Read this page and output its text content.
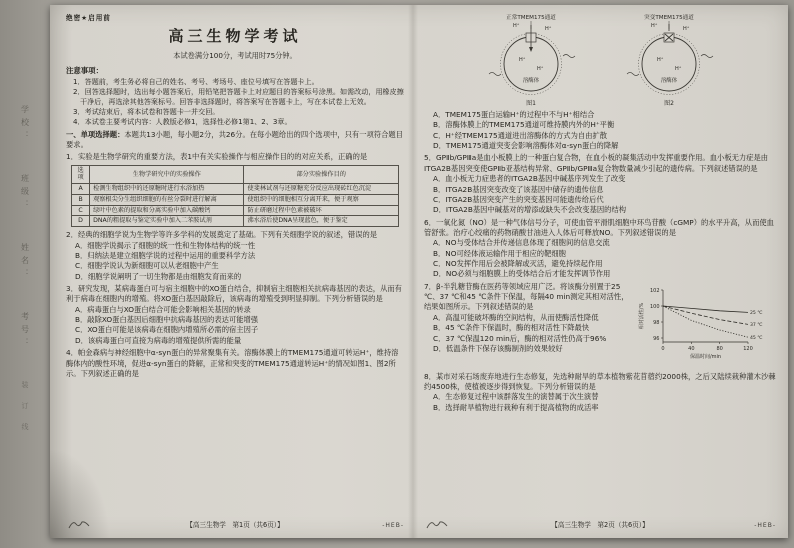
学校：
班级：
姓名：
考号：
装订线
绝密★启用前
高三生物学考试
本试卷满分100分，考试用时75分钟。
注意事项：

1．答题前，考生务必将自己的姓名、考号、考场号、座位号填写在答题卡上。

2．回答选择题时，选出每小题答案后，用铅笔把答题卡上对应题目的答案标号涂黑。如需改动，用橡皮擦干净后，再选涂其他答案标号。回答非选择题时，将答案写在答题卡上，写在本试卷上无效。

3．考试结束后，将本试卷和答题卡一并交回。

4．本试卷主要考试内容：人教版必修1，选择性必修1第1、2、3章。

一、单项选择题：本题共13小题，每小题2分，共26分。在每小题给出的四个选项中，只有一项符合题目要求。
1．实验是生物学研究的重要方法，表1中有关实验操作与相应操作目的的对应关系，正确的是
选项	生物学研究中的实验操作	部分实验操作目的
A	检测生物组织中的还原糖时进行水浴加热	使斐林试剂与还原糖充分反应出现砖红色沉淀
B	观察根尖分生组织细胞的有丝分裂时进行解离	使组织中的细胞相互分离开来，便于观察
C	绿叶中色素的提取和分离实验中加入碳酸钙	防止研磨过程中色素被破坏
D	DNA的粗提取与鉴定实验中加入二苯胺试剂	沸水浴后使DNA呈现蓝色，便于鉴定
2．经典的细胞学说为生物学等许多学科的发展奠定了基础。下列有关细胞学说的叙述，错误的是
A．细胞学说揭示了细胞的统一性和生物体结构的统一性
B．归纳法是建立细胞学说的过程中运用的重要科学方法
C．细胞学说认为新细胞可以从老细胞中产生
D．细胞学说阐明了一切生物都是由细胞发育而来的
3．研究发现，某病毒蛋白可与宿主细胞中的XO蛋白结合，抑制宿主细胞相关抗病毒基因的表达，从而有利于病毒在细胞内的增殖。将XO蛋白基因敲除后，该病毒的增殖受到明显抑制。下列分析错误的是
A．病毒蛋白与XO蛋白结合可能会影响相关基因的转录
B．敲除XO蛋白基因后细胞中抗病毒基因的表达可能增强
C．XO蛋白可能是该病毒在细胞内增殖所必需的宿主因子
D．该病毒蛋白可直接为病毒的增殖提供所需的能量
4．帕金森病与神经细胞中α-syn蛋白的异常聚集有关。溶酶体膜上的TMEM175通道可转运H⁺，维持溶酶体内的酸性环境，促进α-syn蛋白的降解，正常和突变的TMEM175通道转运H⁺的情况如图1、图2所示。下列叙述正确的是
【高三生物学　第1页（共6页）】	-HEB-
正常TMEM175通道
H⁺	H⁺
H⁺
H⁺
溶酶体
图1
突变TMEM175通道
H⁺	H⁺
H⁺
H⁺
溶酶体
图2
A．TMEM175蛋白运输H⁺的过程中不与H⁺相结合
B．溶酶体膜上的TMEM175通道可维持膜内外的H⁺平衡
C．H⁺经TMEM175通道进出溶酶体的方式为自由扩散
D．TMEM175通道突变会影响溶酶体对α-syn蛋白的降解
5．GPⅡb/GPⅢa是血小板膜上的一种蛋白复合物，在血小板的凝集活动中发挥重要作用。血小板无力症是由ITGA2B基因突变使GPⅡb亚基结构异常、GPⅡb/GPⅢa复合物数量减少引起的遗传病。下列叙述错误的是
A．血小板无力症患者的ITGA2B基因中碱基序列发生了改变
B．ITGA2B基因突变改变了该基因中储存的遗传信息
C．ITGA2B基因突变产生的突变基因可能遗传给后代
D．ITGA2B基因中碱基对的增添或缺失不会改变基因的结构
6．一氧化氮（NO）是一种气体信号分子，可使血管平滑肌细胞中环鸟苷酸（cGMP）的水平升高，从而使血管舒张。治疗心绞痛的药物硝酸甘油进入人体后可释放NO。下列叙述错误的是
A．NO与受体结合并传递信息体现了细胞间的信息交流
B．NO可经体液运输作用于相应的靶细胞
C．NO发挥作用后会被降解或灭活，避免持续起作用
D．NO必须与细胞膜上的受体结合后才能发挥调节作用
96
98
100
102
0	40	80	120
保温时间/min
相对活性/%	25 ℃
37 ℃
45 ℃
7．β-半乳糖苷酶在医药等领域应用广泛。将该酶分别置于25 ℃、37 ℃和45 ℃条件下保温，每隔40 min测定其相对活性，结果如图所示。下列叙述错误的是
A．高温可能破坏酶的空间结构，从而使酶活性降低
B．45 ℃条件下保温时，酶的相对活性下降最快
C．37 ℃保温120 min后，酶的相对活性仍高于96%
D．低温条件下保存该酶制剂的效果较好
8．某市对采石场废弃地进行生态修复，先选种耐旱的草本植物紫花苜蓿约2000株，之后又陆续栽种灌木沙棘约4500株，使植被逐步得到恢复。下列分析错误的是
A．生态修复过程中该群落发生的演替属于次生演替
B．选择耐旱植物进行栽种有利于提高植物的成活率
【高三生物学　第2页（共6页）】	-HEB-
